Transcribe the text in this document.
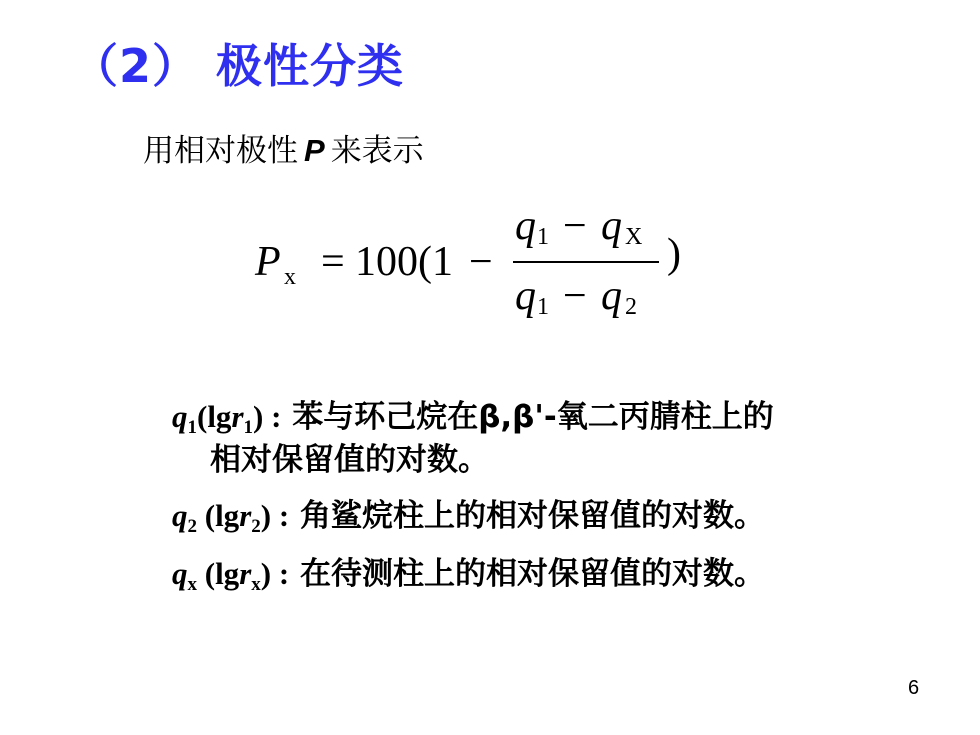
（2） 极性分类
用相对极性 P 来表示
P x = 100(1 −
q 1 − q X
q 1 − q 2
)
$q_1(\lg r_1)$ : 苯与环己烷在β,β'-氧二丙腈柱上的
相对保留值的对数。
$q_2$ (lgr$_2$) : 角鲨烷柱上的相对保留值的对数。
$q_x$ (lgr$_x$) : 在待测柱上的相对保留值的对数。
6
